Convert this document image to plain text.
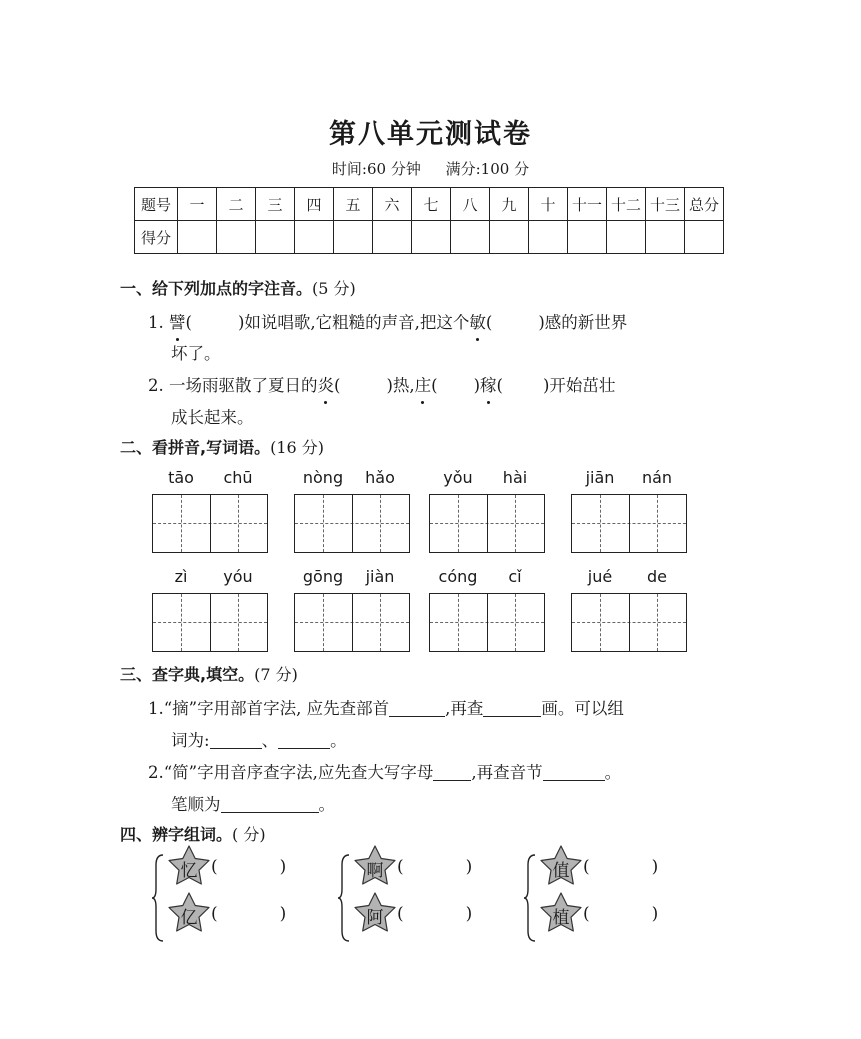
第八单元测试卷
时间:60 分钟 满分:100 分
题号	一	二	三	四	五	六	七	八	九	十	十一	十二	十三	总分
得分														
一、给下列加点的字注音。(5 分)
1. 譬(	)如说唱歌,它粗糙的声音,把这个敏(	)感的新世界
坏了。
2. 一场雨驱散了夏日的炎(	)热,庄( )稼( )开始茁壮
成长起来。
二、看拼音,写词语。(16 分)
tāo	chū	nòng	hǎo	yǒu	hài	jiān	nán
zì	yóu	gōng	jiàn	cóng	cǐ	jué	de
三、查字典,填空。(7 分)
1.“摘”字用部首字法, 应先查部首	,再查	画。可以组
词为:	、	。
2.“简”字用音序查字法,应先查大写字母 ,再查音节	。
笔顺为	。
四、辨字组词。( 分)
忆 (	)
亿 (	)
啊 (	)
阿 (	)
值 (	)
植 (	)
